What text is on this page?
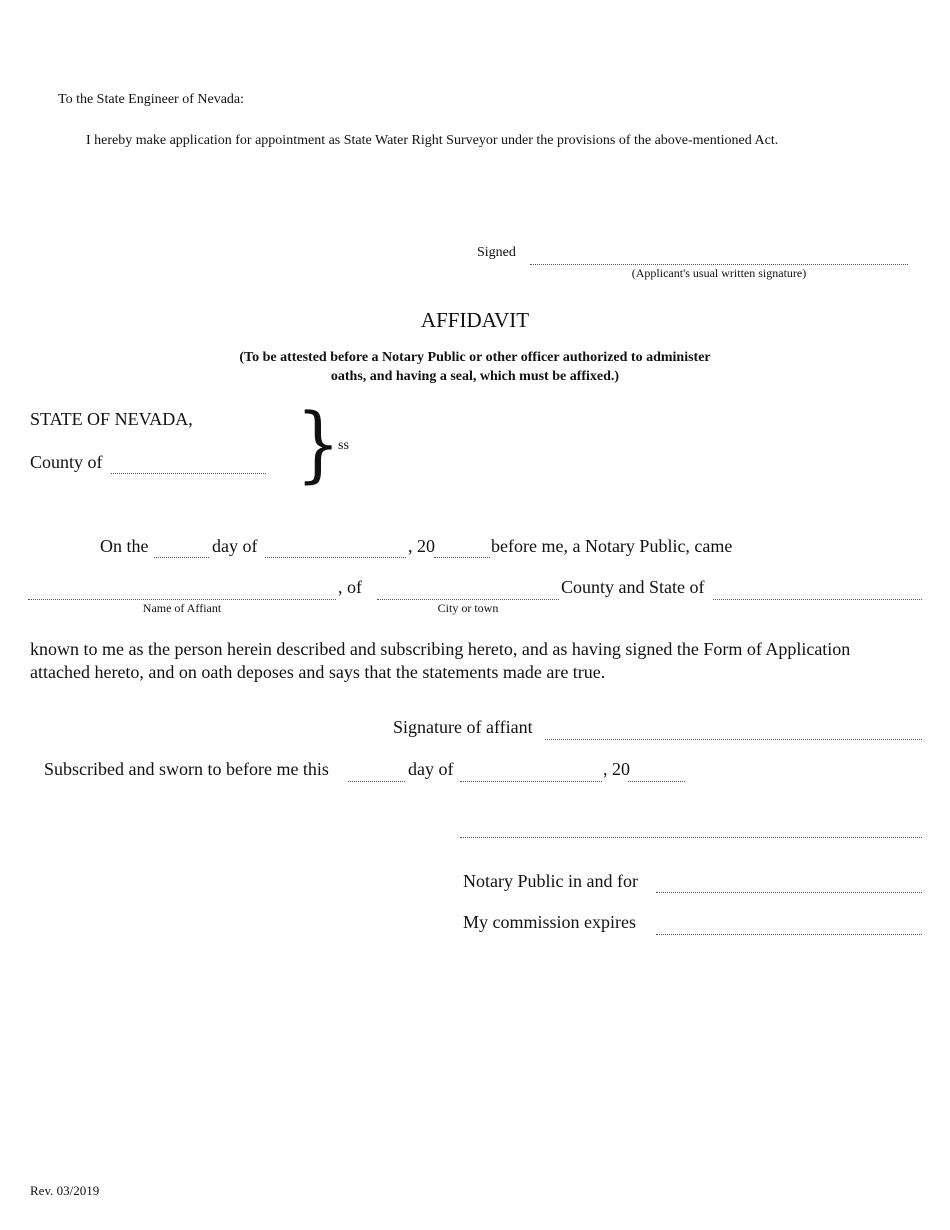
To the State Engineer of Nevada:
I hereby make application for appointment as State Water Right Surveyor under the provisions of the above-mentioned Act.
Signed
(Applicant's usual written signature)
AFFIDAVIT
(To be attested before a Notary Public or other officer authorized to administer
oaths, and having a seal, which must be affixed.)
STATE OF NEVADA,
County of }
ss
On the	day of	, 20	before me, a Notary Public, came
, of	County and State of
Name of Affiant	City or town
known to me as the person herein described and subscribing hereto, and as having signed the Form of Application
attached hereto, and on oath deposes and says that the statements made are true.
Signature of affiant
Subscribed and sworn to before me this	day of	, 20
Notary Public in and for
My commission expires
Rev. 03/2019
